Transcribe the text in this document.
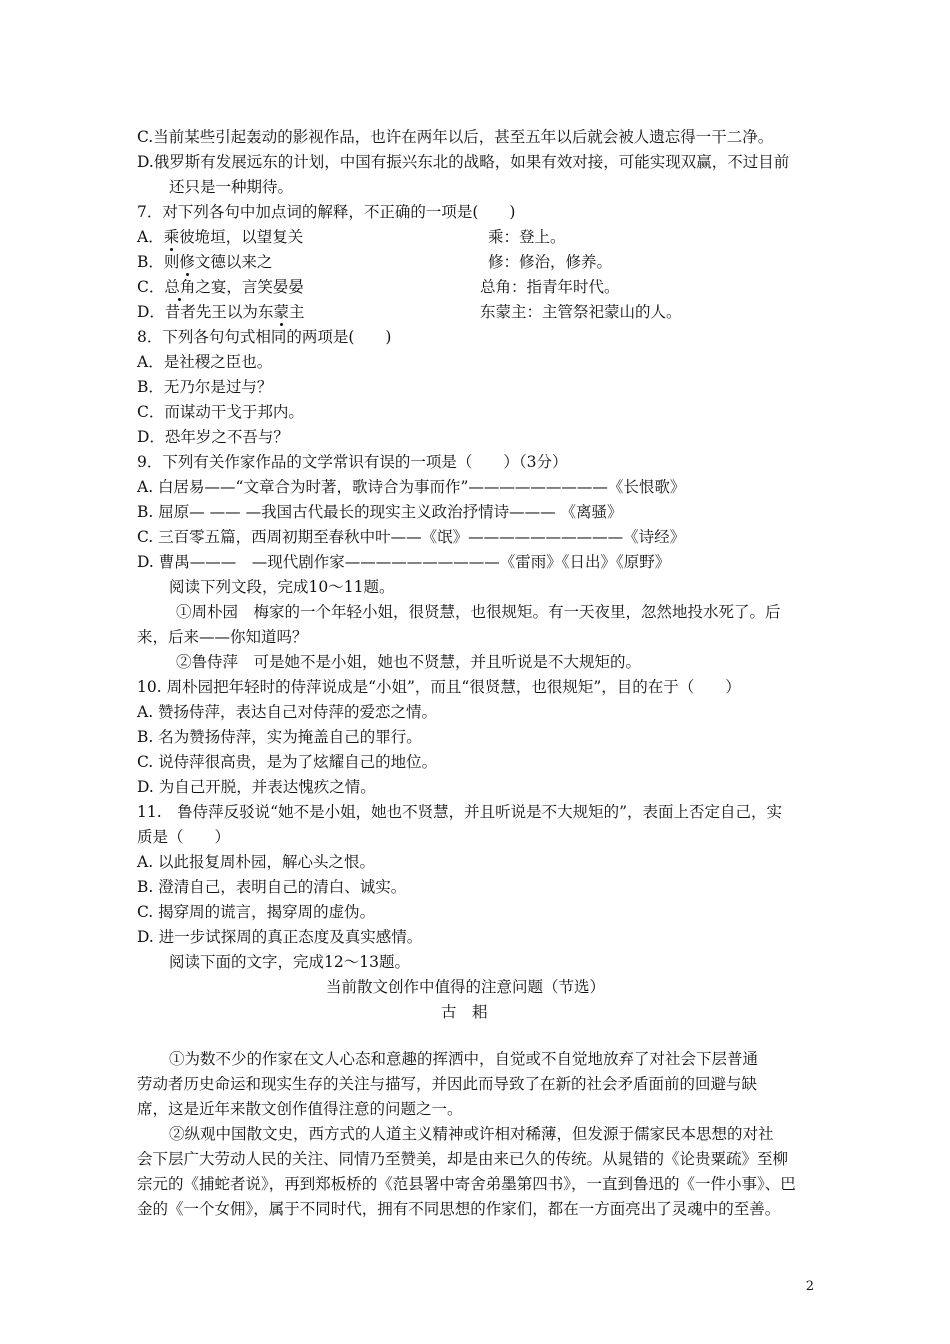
C.当前某些引起轰动的影视作品，也许在两年以后，甚至五年以后就会被人遗忘得一干二净。
D.俄罗斯有发展远东的计划，中国有振兴东北的战略，如果有效对接，可能实现双赢，不过目前
还只是一种期待。
7．对下列各句中加点词的解释，不正确的一项是(　　)
A．乘彼垝垣，以望复关	乘：登上。
B．则修文德以来之	修：修治，修养。
C．总角之宴，言笑晏晏	总角：指青年时代。
D．昔者先王以为东蒙主	东蒙主：主管祭祀蒙山的人。
8．下列各句句式相同的两项是(　　)
A．是社稷之臣也。
B．无乃尔是过与？
C．而谋动干戈于邦内。
D．恐年岁之不吾与？
9．下列有关作家作品的文学常识有误的一项是（　　）（3分）
A. 白居易——“文章合为时著，歌诗合为事而作”—————————《长恨歌》
B. 屈原— —— —我国古代最长的现实主义政治抒情诗——— 《离骚》
C. 三百零五篇，西周初期至春秋中叶——《氓》——————————《诗经》
D. 曹禺———　—现代剧作家——————————《雷雨》《日出》《原野》
阅读下列文段，完成10～11题。
①周朴园　梅家的一个年轻小姐，很贤慧，也很规矩。有一天夜里，忽然地投水死了。后
来，后来——你知道吗？
②鲁侍萍　可是她不是小姐，她也不贤慧，并且听说是不大规矩的。
10. 周朴园把年轻时的侍萍说成是“小姐”，而且“很贤慧，也很规矩”，目的在于（　　）
A. 赞扬侍萍，表达自己对侍萍的爱恋之情。
B. 名为赞扬侍萍，实为掩盖自己的罪行。
C. 说侍萍很高贵，是为了炫耀自己的地位。
D. 为自己开脱，并表达愧疚之情。
11.　鲁侍萍反驳说“她不是小姐，她也不贤慧，并且听说是不大规矩的”，表面上否定自己，实
质是（　　）
A. 以此报复周朴园，解心头之恨。
B. 澄清自己，表明自己的清白、诚实。
C. 揭穿周的谎言，揭穿周的虚伪。
D. 进一步试探周的真正态度及真实感情。
阅读下面的文字，完成12～13题。
当前散文创作中值得的注意问题（节选）
古　耜
①为数不少的作家在文人心态和意趣的挥洒中，自觉或不自觉地放弃了对社会下层普通
劳动者历史命运和现实生存的关注与描写，并因此而导致了在新的社会矛盾面前的回避与缺
席，这是近年来散文创作值得注意的问题之一。
②纵观中国散文史，西方式的人道主义精神或许相对稀薄，但发源于儒家民本思想的对社
会下层广大劳动人民的关注、同情乃至赞美，却是由来已久的传统。从晁错的《论贵粟疏》至柳
宗元的《捕蛇者说》，再到郑板桥的《范县署中寄舍弟墨第四书》，一直到鲁迅的《一件小事》、巴
金的《一个女佣》，属于不同时代，拥有不同思想的作家们，都在一方面亮出了灵魂中的至善。
2
